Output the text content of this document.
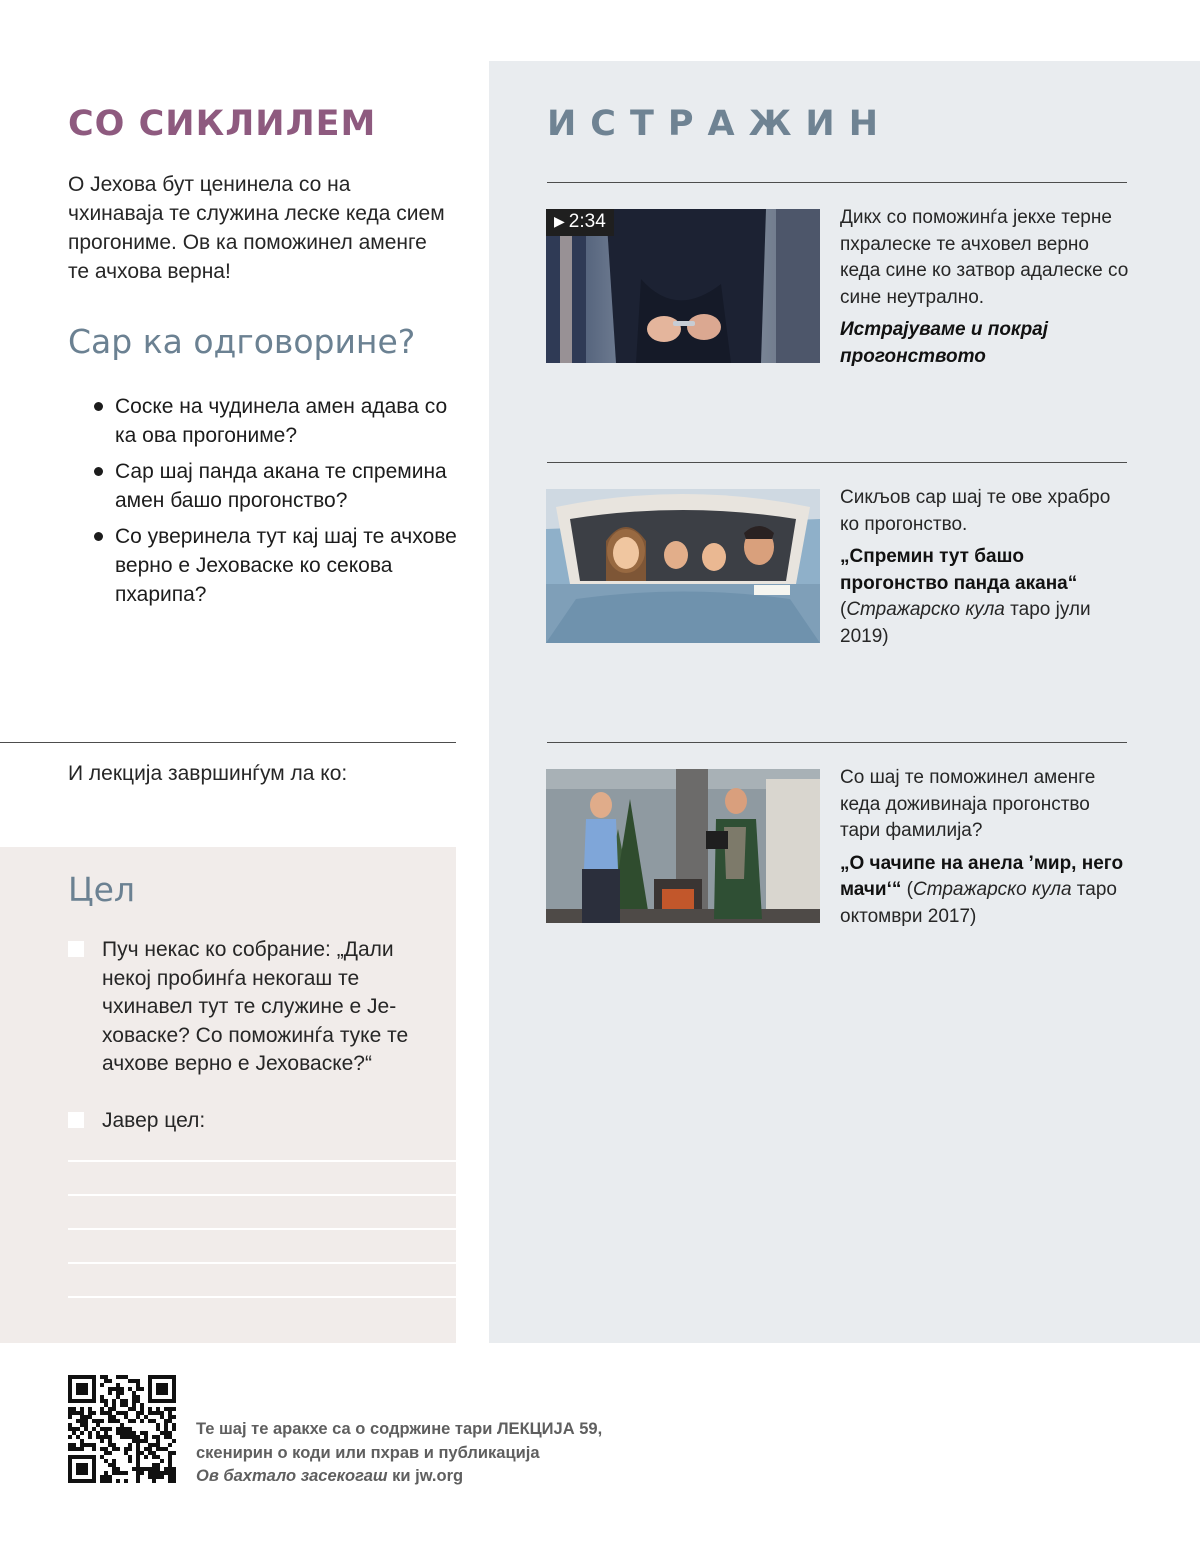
СО СИКЛИЛЕМ
О Јехова бут ценинела со на чхинаваја те служина леске кеда сием прогониме. Ов ка поможинел аменге те ачхова верна!
Сар ка одговорине?
Соске на чудинела амен адава со ка ова прогониме?
Сар шај панда акана те спремина амен башо прогонство?
Со уверинела тут кај шај те ачхове верно е Јеховаске ко секова пхарипа?
И лекција завршинѓум ла ко:
Цел
Пуч некас ко собрание: „Дали некој пробинѓа некогаш те чхинавел тут те служине е Јеховаске? Со поможинѓа туке те ачхове верно е Јеховаске?“
Јавер цел:
ИСТРАЖИН
▶ 2:34	Дикх со поможинѓа јекхе терне пхралеске те ачховел верно кеда сине ко затвор адалеске со сине неутрално.
Истрајуваме и покрај прогонството
Сикљов сар шај те ове храбро ко прогонство.
„Спремин тут башо прогонство панда акана“
(Стражарско кула таро јули 2019)
Со шај те поможинел аменге кеда доживинаја прогонство тари фамилија?
„О чачипе на анела ’мир, него мачи‘“ (Стражарско кула таро октомври 2017)
Те шај те аракхе са о содржине тари ЛЕКЦИЈА 59,
скенирин о коди или пхрав и публикација
Ов бахтало засекогаш ки jw.org
